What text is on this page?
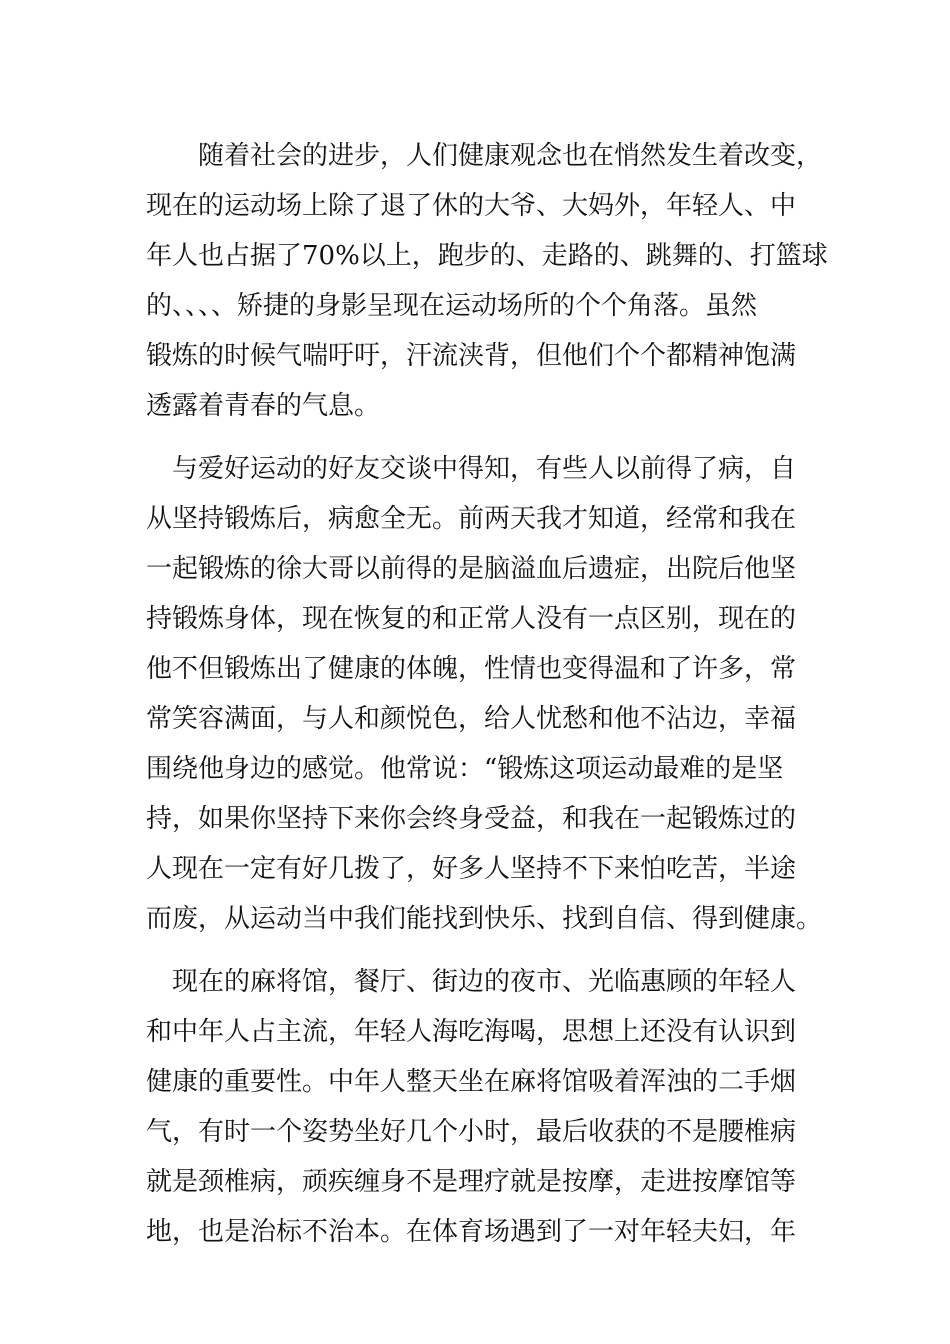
　　随着社会的进步，人们健康观念也在悄然发生着改变，
现在的运动场上除了退了休的大爷、大妈外，年轻人、中
年人也占据了70%以上，跑步的、走路的、跳舞的、打篮球
的、、、、矫捷的身影呈现在运动场所的个个角落。虽然
锻炼的时候气喘吁吁，汗流浃背，但他们个个都精神饱满
透露着青春的气息。
　与爱好运动的好友交谈中得知，有些人以前得了病，自
从坚持锻炼后，病愈全无。前两天我才知道，经常和我在
一起锻炼的徐大哥以前得的是脑溢血后遗症，出院后他坚
持锻炼身体，现在恢复的和正常人没有一点区别，现在的
他不但锻炼出了健康的体魄，性情也变得温和了许多，常
常笑容满面，与人和颜悦色，给人忧愁和他不沾边，幸福
围绕他身边的感觉。他常说：“锻炼这项运动最难的是坚
持，如果你坚持下来你会终身受益，和我在一起锻炼过的
人现在一定有好几拨了，好多人坚持不下来怕吃苦，半途
而废，从运动当中我们能找到快乐、找到自信、得到健康。
　现在的麻将馆，餐厅、街边的夜市、光临惠顾的年轻人
和中年人占主流，年轻人海吃海喝，思想上还没有认识到
健康的重要性。中年人整天坐在麻将馆吸着浑浊的二手烟
气，有时一个姿势坐好几个小时，最后收获的不是腰椎病
就是颈椎病，顽疾缠身不是理疗就是按摩，走进按摩馆等
地，也是治标不治本。在体育场遇到了一对年轻夫妇，年
